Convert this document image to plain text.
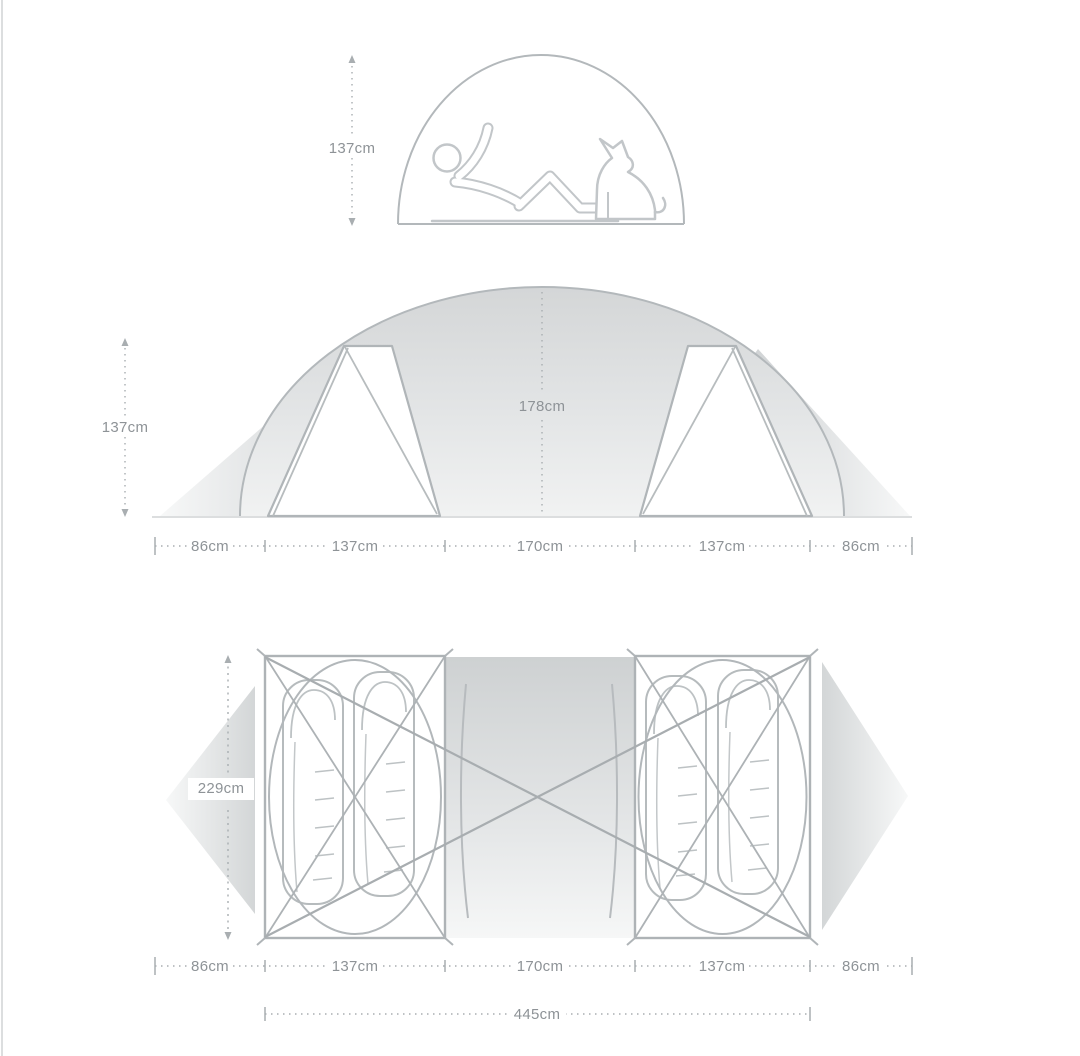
137cm
178cm
137cm
86cm	137cm	170cm	137cm	86cm
229cm
86cm	137cm	170cm	137cm	86cm
445cm
